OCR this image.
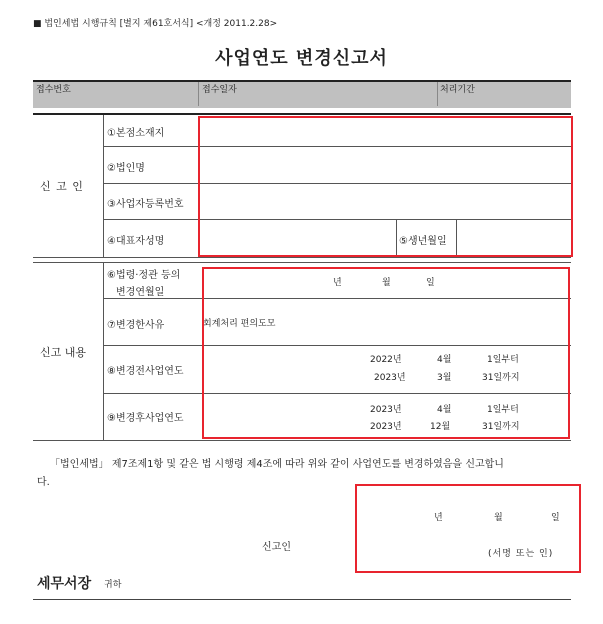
■ 법인세법 시행규칙 [별지 제61호서식] <개정 2011.2.28>
사업연도 변경신고서
접수번호	접수일자	처리기간
신 고 인
①본점소재지
②법인명
③사업자등록번호
④대표자성명	⑤생년월일
신고 내용
⑥법령·정관 등의
변경연월일
년	월	일
⑦변경한사유	회계처리 편의도모
⑧변경전사업연도
2022년	4월	1일부터
2023년	3월	31일까지
⑨변경후사업연도
2023년	4월	1일부터
2023년	12월	31일까지
「법인세법」 제7조제1항 및 같은 법 시행령 제4조에 따라 위와 같이 사업연도를 변경하였음을 신고합니
다.
년	월	일
신고인
(서명 또는 인)
세무서장 귀하
